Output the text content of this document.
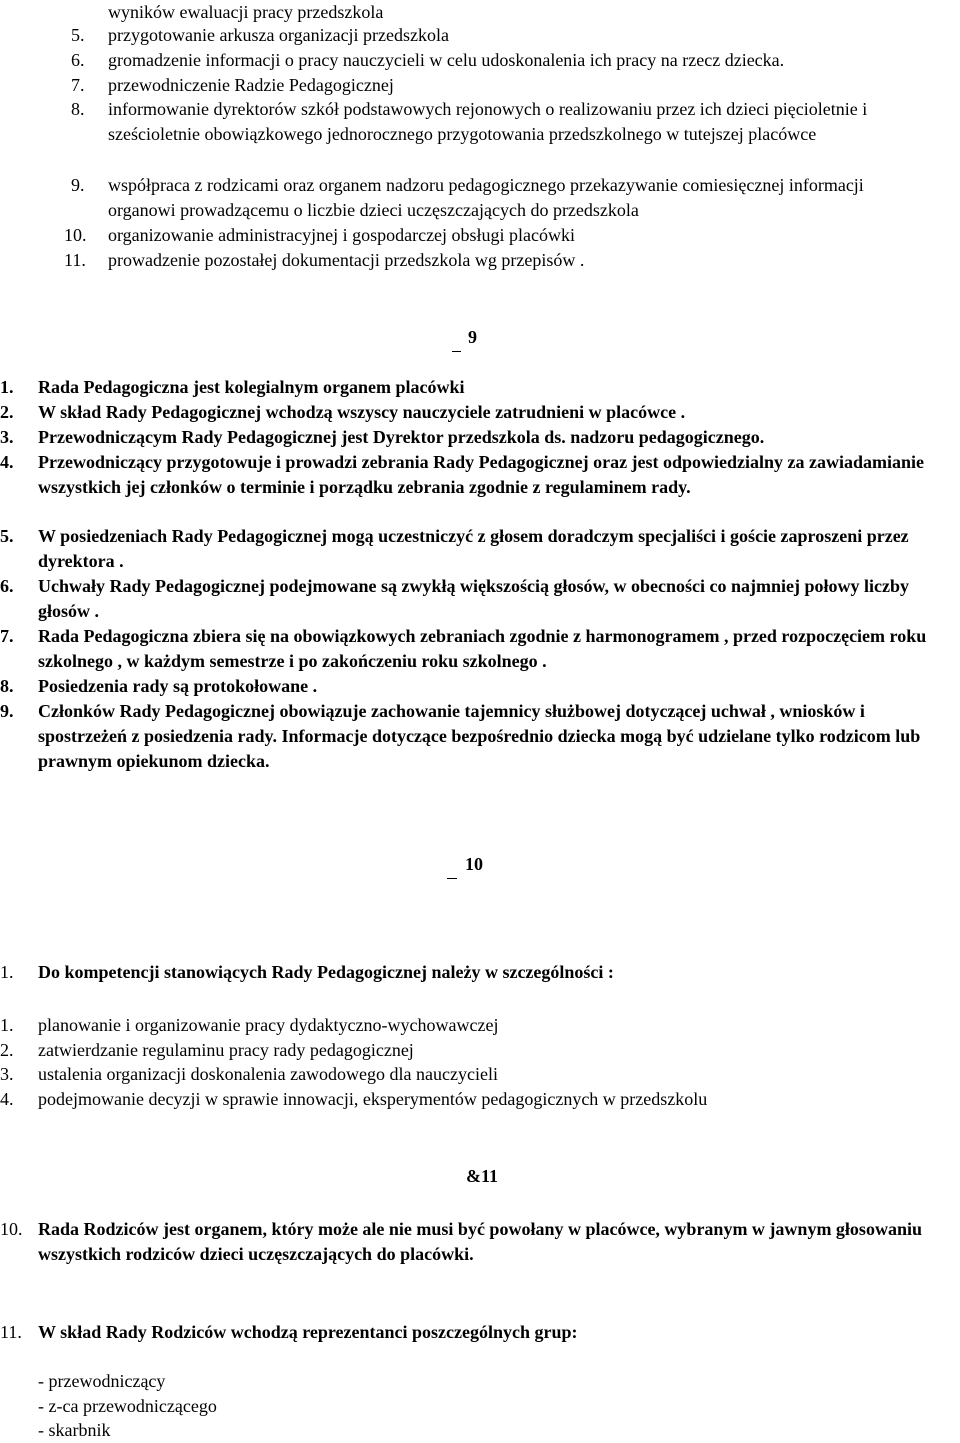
wyników ewaluacji pracy przedszkola
5. przygotowanie arkusza organizacji przedszkola
6. gromadzenie informacji o pracy nauczycieli w celu udoskonalenia ich pracy na rzecz dziecka.
7. przewodniczenie Radzie Pedagogicznej
8. informowanie dyrektorów szkół podstawowych rejonowych o realizowaniu przez ich dzieci pięcioletnie i sześcioletnie obowiązkowego jednorocznego przygotowania przedszkolnego w tutejszej placówce
9. współpraca z rodzicami oraz organem nadzoru pedagogicznego przekazywanie comiesięcznej informacji organowi prowadzącemu o liczbie dzieci uczęszczających do przedszkola
10. organizowanie administracyjnej i gospodarczej obsługi placówki
11. prowadzenie pozostałej dokumentacji przedszkola wg przepisów .
9
1. Rada Pedagogiczna jest kolegialnym organem placówki
2. W skład Rady Pedagogicznej wchodzą wszyscy nauczyciele zatrudnieni w placówce .
3. Przewodniczącym Rady Pedagogicznej jest Dyrektor przedszkola ds. nadzoru pedagogicznego.
4. Przewodniczący przygotowuje i prowadzi zebrania Rady Pedagogicznej oraz jest odpowiedzialny za zawiadamianie wszystkich jej członków o terminie i porządku zebrania zgodnie z regulaminem rady.
5. W posiedzeniach Rady Pedagogicznej mogą uczestniczyć z głosem doradczym specjaliści i goście zaproszeni przez dyrektora .
6. Uchwały Rady Pedagogicznej podejmowane są zwykłą większością głosów, w obecności co najmniej połowy liczby głosów .
7. Rada Pedagogiczna zbiera się na obowiązkowych zebraniach zgodnie z harmonogramem , przed rozpoczęciem roku szkolnego , w każdym semestrze i po zakończeniu roku szkolnego .
8. Posiedzenia rady są protokołowane .
9. Członków Rady Pedagogicznej obowiązuje zachowanie tajemnicy służbowej dotyczącej uchwał , wniosków i spostrzeżeń z posiedzenia rady. Informacje dotyczące bezpośrednio dziecka mogą być udzielane tylko rodzicom lub prawnym opiekunom dziecka.
10
1. Do kompetencji stanowiących Rady Pedagogicznej należy w szczególności :
1. planowanie i organizowanie pracy dydaktyczno-wychowawczej
2. zatwierdzanie regulaminu pracy rady pedagogicznej
3. ustalenia organizacji doskonalenia zawodowego dla nauczycieli
4. podejmowanie decyzji w sprawie innowacji, eksperymentów pedagogicznych w przedszkolu
&11
10. Rada Rodziców jest organem, który może ale nie musi być powołany w placówce, wybranym w jawnym głosowaniu wszystkich rodziców dzieci uczęszczających do placówki.
11. W skład Rady Rodziców wchodzą reprezentanci poszczególnych grup:
- przewodniczący
- z-ca przewodniczącego
- skarbnik
